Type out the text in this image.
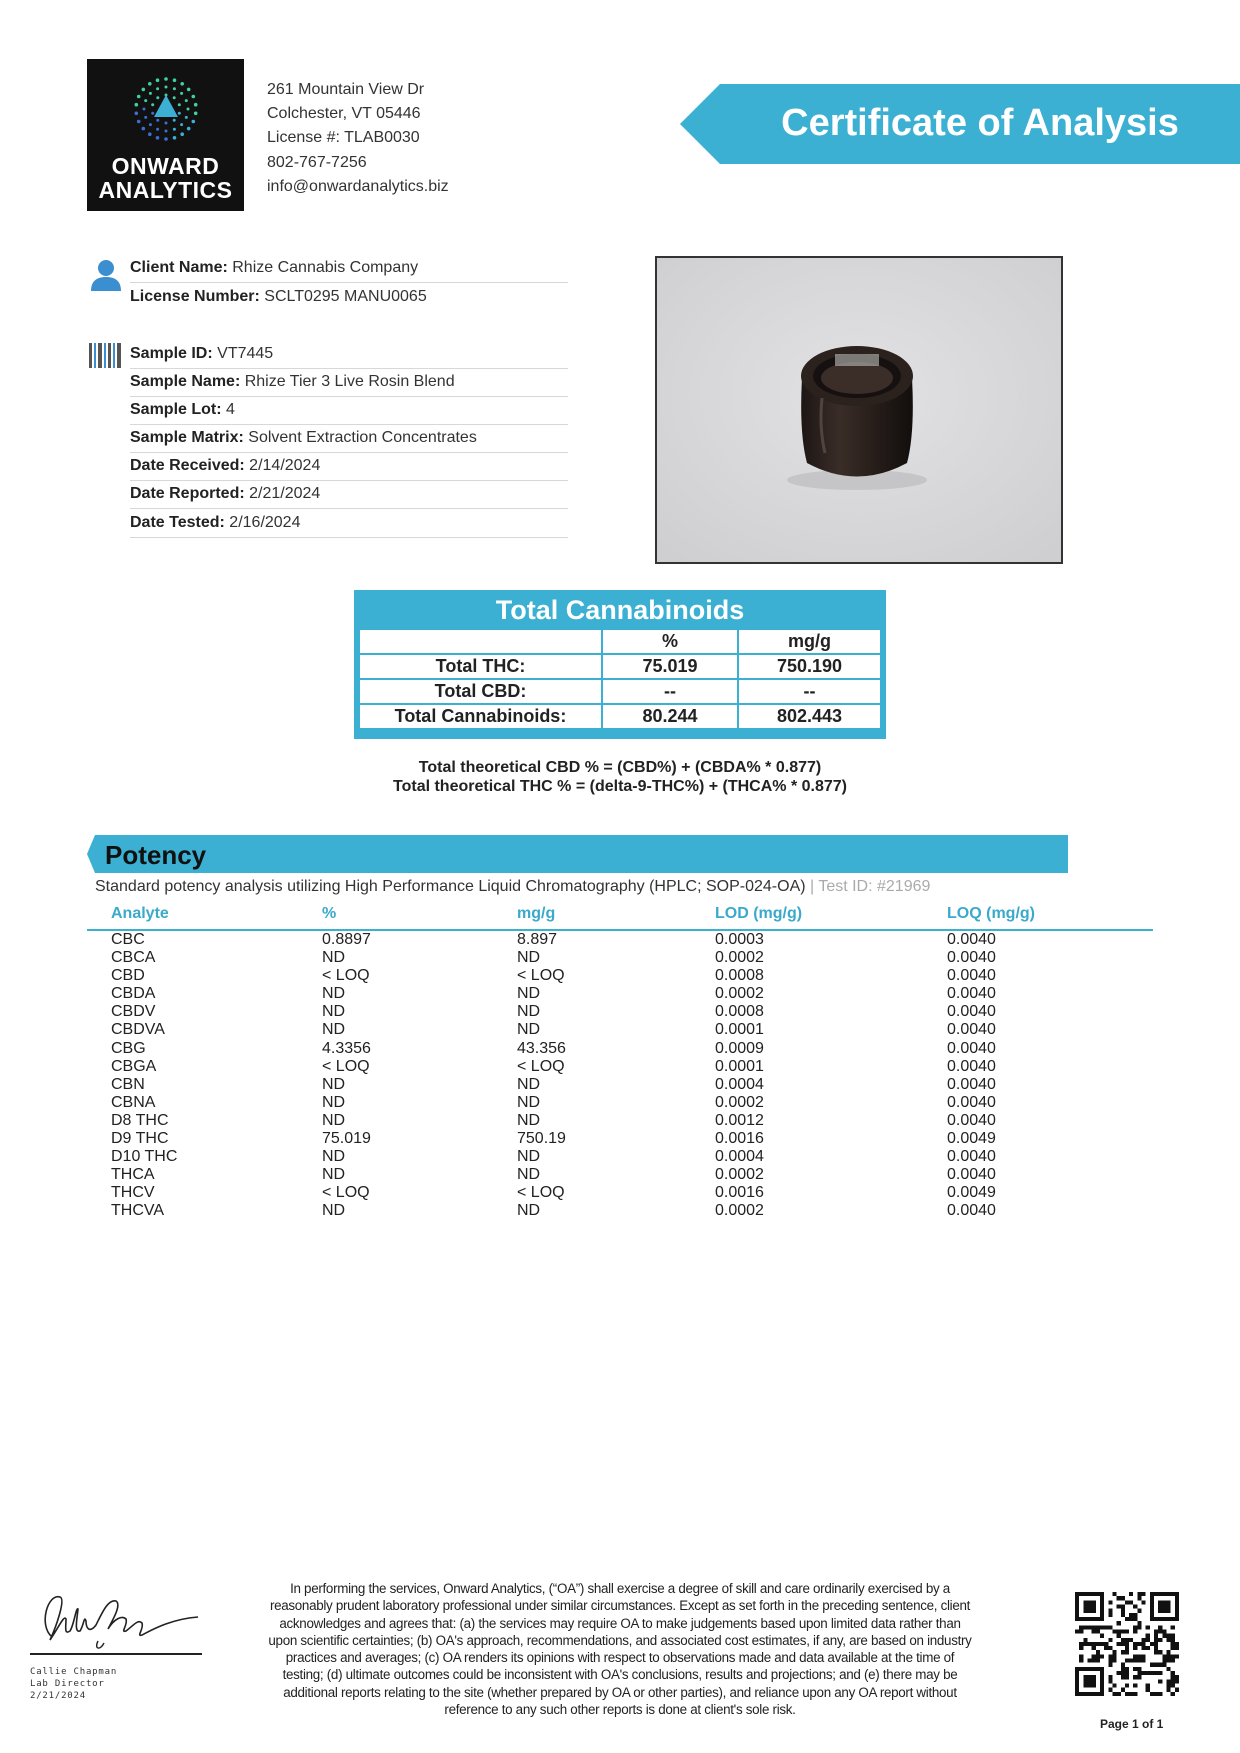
ONWARD
ANALYTICS
261 Mountain View Dr
Colchester, VT 05446
License #: TLAB0030
802-767-7256
info@onwardanalytics.biz
Certificate of Analysis
Client Name: Rhize Cannabis Company
License Number: SCLT0295 MANU0065
Sample ID: VT7445
Sample Name: Rhize Tier 3 Live Rosin Blend
Sample Lot: 4
Sample Matrix: Solvent Extraction Concentrates
Date Received: 2/14/2024
Date Reported: 2/21/2024
Date Tested: 2/16/2024
Total Cannabinoids
	%	mg/g
Total THC:	75.019	750.190
Total CBD:	--	--
Total Cannabinoids:	80.244	802.443
Total theoretical CBD % = (CBD%) + (CBDA% * 0.877)
Total theoretical THC % = (delta-9-THC%) + (THCA% * 0.877)
Potency
Standard potency analysis utilizing High Performance Liquid Chromatography (HPLC; SOP-024-OA) | Test ID: #21969
Analyte	%	mg/g	LOD (mg/g)	LOQ (mg/g)
CBC	0.8897	8.897	0.0003	0.0040
CBCA	ND	ND	0.0002	0.0040
CBD	< LOQ	< LOQ	0.0008	0.0040
CBDA	ND	ND	0.0002	0.0040
CBDV	ND	ND	0.0008	0.0040
CBDVA	ND	ND	0.0001	0.0040
CBG	4.3356	43.356	0.0009	0.0040
CBGA	< LOQ	< LOQ	0.0001	0.0040
CBN	ND	ND	0.0004	0.0040
CBNA	ND	ND	0.0002	0.0040
D8 THC	ND	ND	0.0012	0.0040
D9 THC	75.019	750.19	0.0016	0.0049
D10 THC	ND	ND	0.0004	0.0040
THCA	ND	ND	0.0002	0.0040
THCV	< LOQ	< LOQ	0.0016	0.0049
THCVA	ND	ND	0.0002	0.0040
Callie Chapman
Lab Director
2/21/2024
In performing the services, Onward Analytics, (“OA”) shall exercise a degree of skill and care ordinarily exercised by a
reasonably prudent laboratory professional under similar circumstances. Except as set forth in the preceding sentence, client
acknowledges and agrees that: (a) the services may require OA to make judgements based upon limited data rather than
upon scientific certainties; (b) OA's approach, recommendations, and associated cost estimates, if any, are based on industry
practices and averages; (c) OA renders its opinions with respect to observations made and data available at the time of
testing; (d) ultimate outcomes could be inconsistent with OA's conclusions, results and projections; and (e) there may be
additional reports relating to the site (whether prepared by OA or other parties), and reliance upon any OA report without
reference to any such other reports is done at client's sole risk.
Page 1 of 1
